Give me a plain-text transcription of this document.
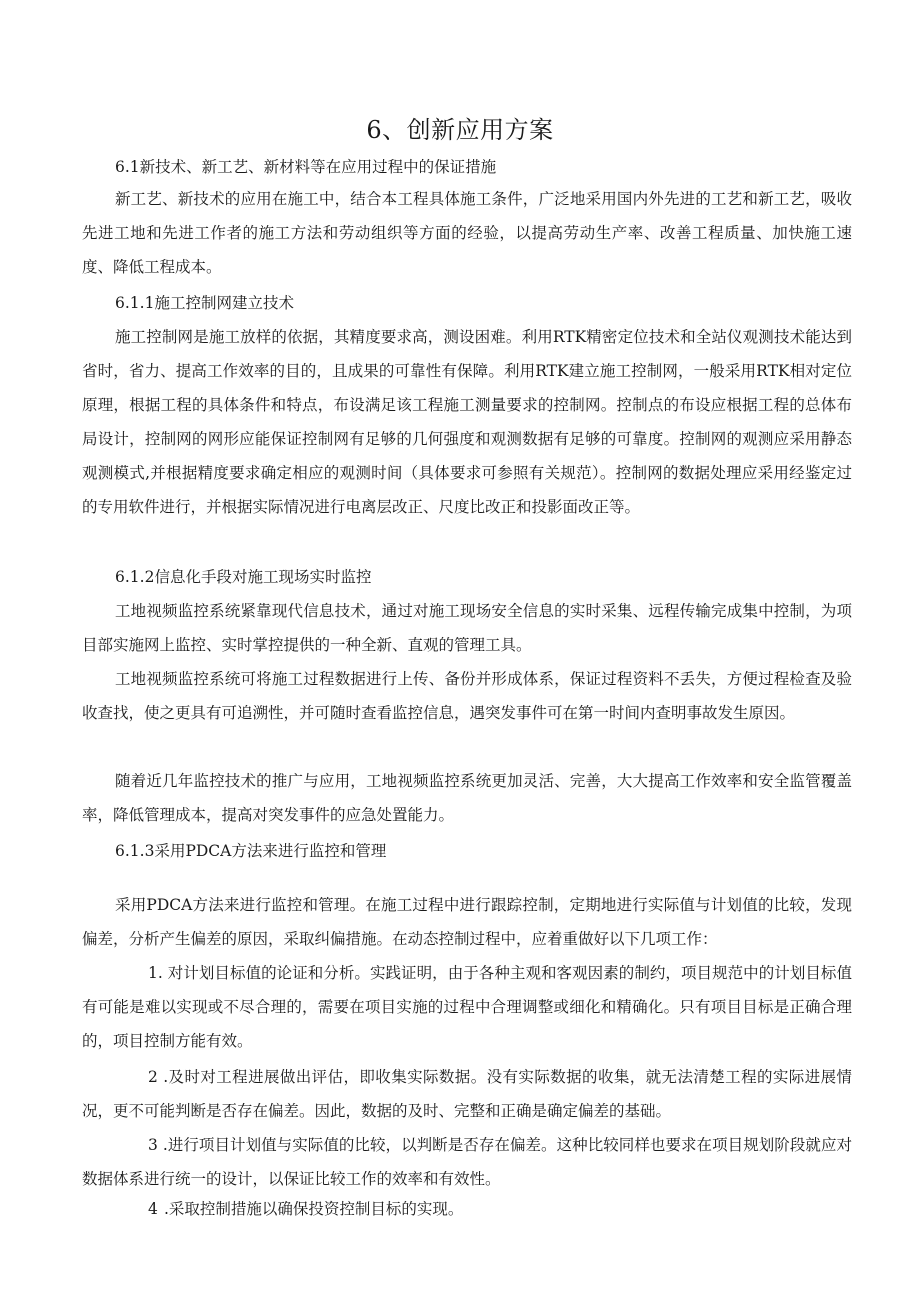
6、创新应用方案

6.1新技术、新工艺、新材料等在应用过程中的保证措施

新工艺、新技术的应用在施工中，结合本工程具体施工条件，广泛地采用国内外先进的工艺和新工艺，吸收先进工地和先进工作者的施工方法和劳动组织等方面的经验，以提高劳动生产率、改善工程质量、加快施工速度、降低工程成本。

6.1.1施工控制网建立技术

施工控制网是施工放样的依据，其精度要求高，测设困难。利用RTK精密定位技术和全站仪观测技术能达到省时，省力、提高工作效率的目的，且成果的可靠性有保障。利用RTK建立施工控制网，一般采用RTK相对定位原理，根据工程的具体条件和特点，布设满足该工程施工测量要求的控制网。控制点的布设应根据工程的总体布局设计，控制网的网形应能保证控制网有足够的几何强度和观测数据有足够的可靠度。控制网的观测应采用静态观测模式,并根据精度要求确定相应的观测时间（具体要求可参照有关规范）。控制网的数据处理应采用经鉴定过的专用软件进行，并根据实际情况进行电离层改正、尺度比改正和投影面改正等。

6.1.2信息化手段对施工现场实时监控

工地视频监控系统紧靠现代信息技术，通过对施工现场安全信息的实时采集、远程传输完成集中控制，为项目部实施网上监控、实时掌控提供的一种全新、直观的管理工具。

工地视频监控系统可将施工过程数据进行上传、备份并形成体系，保证过程资料不丢失，方便过程检查及验收查找，使之更具有可追溯性，并可随时查看监控信息，遇突发事件可在第一时间内查明事故发生原因。

随着近几年监控技术的推广与应用，工地视频监控系统更加灵活、完善，大大提高工作效率和安全监管覆盖率，降低管理成本，提高对突发事件的应急处置能力。

6.1.3采用PDCA方法来进行监控和管理

采用PDCA方法来进行监控和管理。在施工过程中进行跟踪控制，定期地进行实际值与计划值的比较，发现偏差，分析产生偏差的原因，采取纠偏措施。在动态控制过程中，应着重做好以下几项工作：

1. 对计划目标值的论证和分析。实践证明，由于各种主观和客观因素的制约，项目规范中的计划目标值有可能是难以实现或不尽合理的，需要在项目实施的过程中合理调整或细化和精确化。只有项目目标是正确合理的，项目控制方能有效。

2 .及时对工程进展做出评估，即收集实际数据。没有实际数据的收集，就无法清楚工程的实际进展情况，更不可能判断是否存在偏差。因此，数据的及时、完整和正确是确定偏差的基础。

3 .进行项目计划值与实际值的比较，以判断是否存在偏差。这种比较同样也要求在项目规划阶段就应对数据体系进行统一的设计，以保证比较工作的效率和有效性。

4 .采取控制措施以确保投资控制目标的实现。
